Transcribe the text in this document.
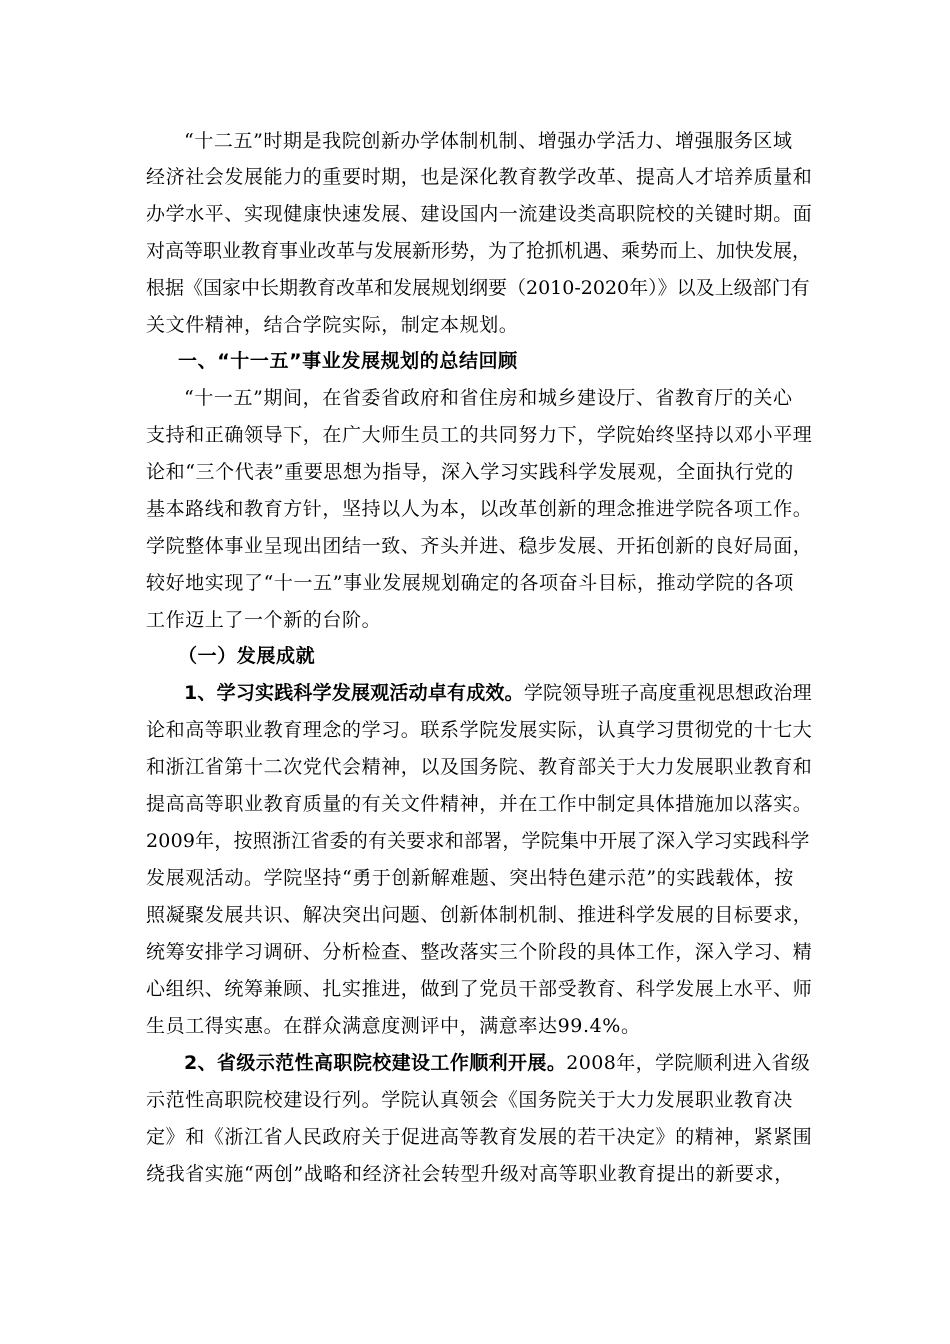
“十二五”时期是我院创新办学体制机制、增强办学活力、增强服务区域
经济社会发展能力的重要时期，也是深化教育教学改革、提高人才培养质量和
办学水平、实现健康快速发展、建设国内一流建设类高职院校的关键时期。面
对高等职业教育事业改革与发展新形势，为了抢抓机遇、乘势而上、加快发展，
根据《国家中长期教育改革和发展规划纲要（2010-2020年）》以及上级部门有
关文件精神，结合学院实际，制定本规划。
一、“十一五”事业发展规划的总结回顾
“十一五”期间，在省委省政府和省住房和城乡建设厅、省教育厅的关心
支持和正确领导下，在广大师生员工的共同努力下，学院始终坚持以邓小平理
论和“三个代表”重要思想为指导，深入学习实践科学发展观，全面执行党的
基本路线和教育方针，坚持以人为本，以改革创新的理念推进学院各项工作。
学院整体事业呈现出团结一致、齐头并进、稳步发展、开拓创新的良好局面，
较好地实现了“十一五”事业发展规划确定的各项奋斗目标，推动学院的各项
工作迈上了一个新的台阶。
（一）发展成就
1、学习实践科学发展观活动卓有成效。学院领导班子高度重视思想政治理
论和高等职业教育理念的学习。联系学院发展实际，认真学习贯彻党的十七大
和浙江省第十二次党代会精神，以及国务院、教育部关于大力发展职业教育和
提高高等职业教育质量的有关文件精神，并在工作中制定具体措施加以落实。
2009年，按照浙江省委的有关要求和部署，学院集中开展了深入学习实践科学
发展观活动。学院坚持“勇于创新解难题、突出特色建示范”的实践载体，按
照凝聚发展共识、解决突出问题、创新体制机制、推进科学发展的目标要求，
统筹安排学习调研、分析检查、整改落实三个阶段的具体工作，深入学习、精
心组织、统筹兼顾、扎实推进，做到了党员干部受教育、科学发展上水平、师
生员工得实惠。在群众满意度测评中，满意率达99.4%。
2、省级示范性高职院校建设工作顺利开展。2008年，学院顺利进入省级
示范性高职院校建设行列。学院认真领会《国务院关于大力发展职业教育决
定》和《浙江省人民政府关于促进高等教育发展的若干决定》的精神，紧紧围
绕我省实施“两创”战略和经济社会转型升级对高等职业教育提出的新要求，
